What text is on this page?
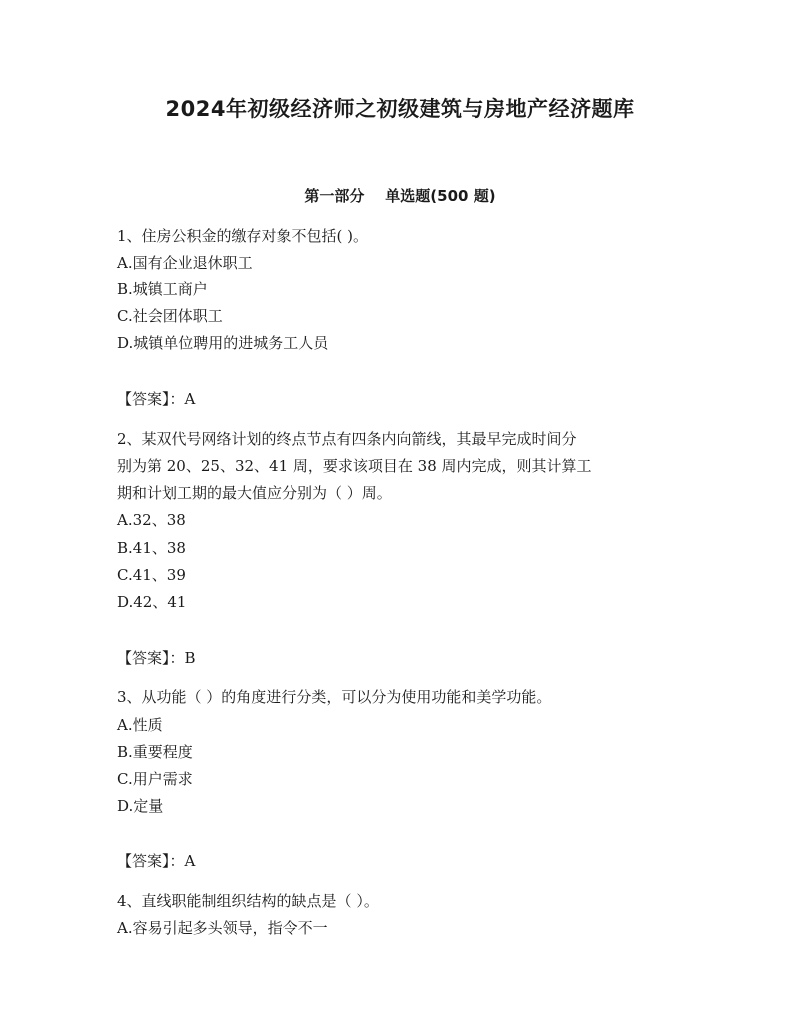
2024年初级经济师之初级建筑与房地产经济题库
第一部分    单选题(500 题)
1、住房公积金的缴存对象不包括( )。
A.国有企业退休职工
B.城镇工商户
C.社会团体职工
D.城镇单位聘用的进城务工人员
【答案】：A
2、某双代号网络计划的终点节点有四条内向箭线，其最早完成时间分
别为第 20、25、32、41 周，要求该项目在 38 周内完成，则其计算工
期和计划工期的最大值应分别为（ ）周。
A.32、38
B.41、38
C.41、39
D.42、41
【答案】：B
3、从功能（ ）的角度进行分类，可以分为使用功能和美学功能。
A.性质
B.重要程度
C.用户需求
D.定量
【答案】：A
4、直线职能制组织结构的缺点是（ ）。
A.容易引起多头领导，指令不一
